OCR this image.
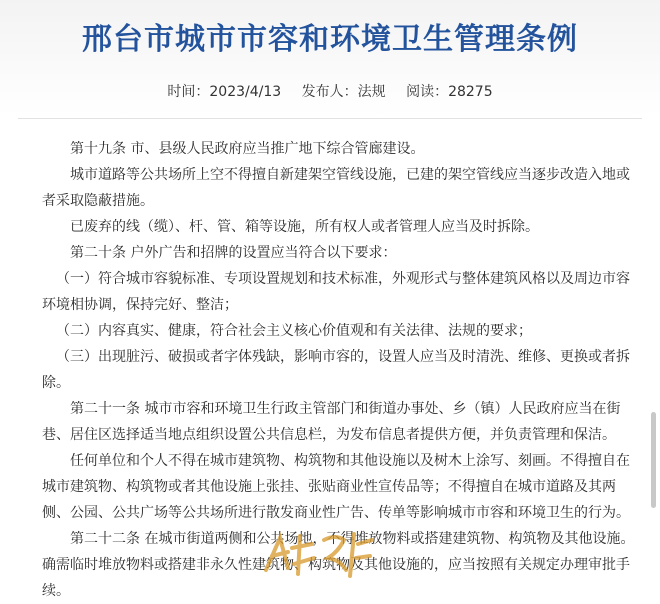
邢台市城市市容和环境卫生管理条例
时间：2023/4/13 发布人：法规 阅读：28275

第十九条 市、县级人民政府应当推广地下综合管廊建设。

城市道路等公共场所上空不得擅自新建架空管线设施，已建的架空管线应当逐步改造入地或者采取隐蔽措施。

已废弃的线（缆）、杆、管、箱等设施，所有权人或者管理人应当及时拆除。

第二十条 户外广告和招牌的设置应当符合以下要求：

（一）符合城市容貌标准、专项设置规划和技术标准，外观形式与整体建筑风格以及周边市容环境相协调，保持完好、整洁；

（二）内容真实、健康，符合社会主义核心价值观和有关法律、法规的要求；

（三）出现脏污、破损或者字体残缺，影响市容的，设置人应当及时清洗、维修、更换或者拆除。

第二十一条 城市市容和环境卫生行政主管部门和街道办事处、乡（镇）人民政府应当在街巷、居住区选择适当地点组织设置公共信息栏，为发布信息者提供方便，并负责管理和保洁。

任何单位和个人不得在城市建筑物、构筑物和其他设施以及树木上涂写、刻画。不得擅自在城市建筑物、构筑物或者其他设施上张挂、张贴商业性宣传品等；不得擅自在城市道路及其两侧、公园、公共广场等公共场所进行散发商业性广告、传单等影响城市市容和环境卫生的行为。

第二十二条 在城市街道两侧和公共场地，不得堆放物料或搭建建筑物、构筑物及其他设施。确需临时堆放物料或搭建非永久性建筑物、构筑物及其他设施的，应当按照有关规定办理审批手续。
